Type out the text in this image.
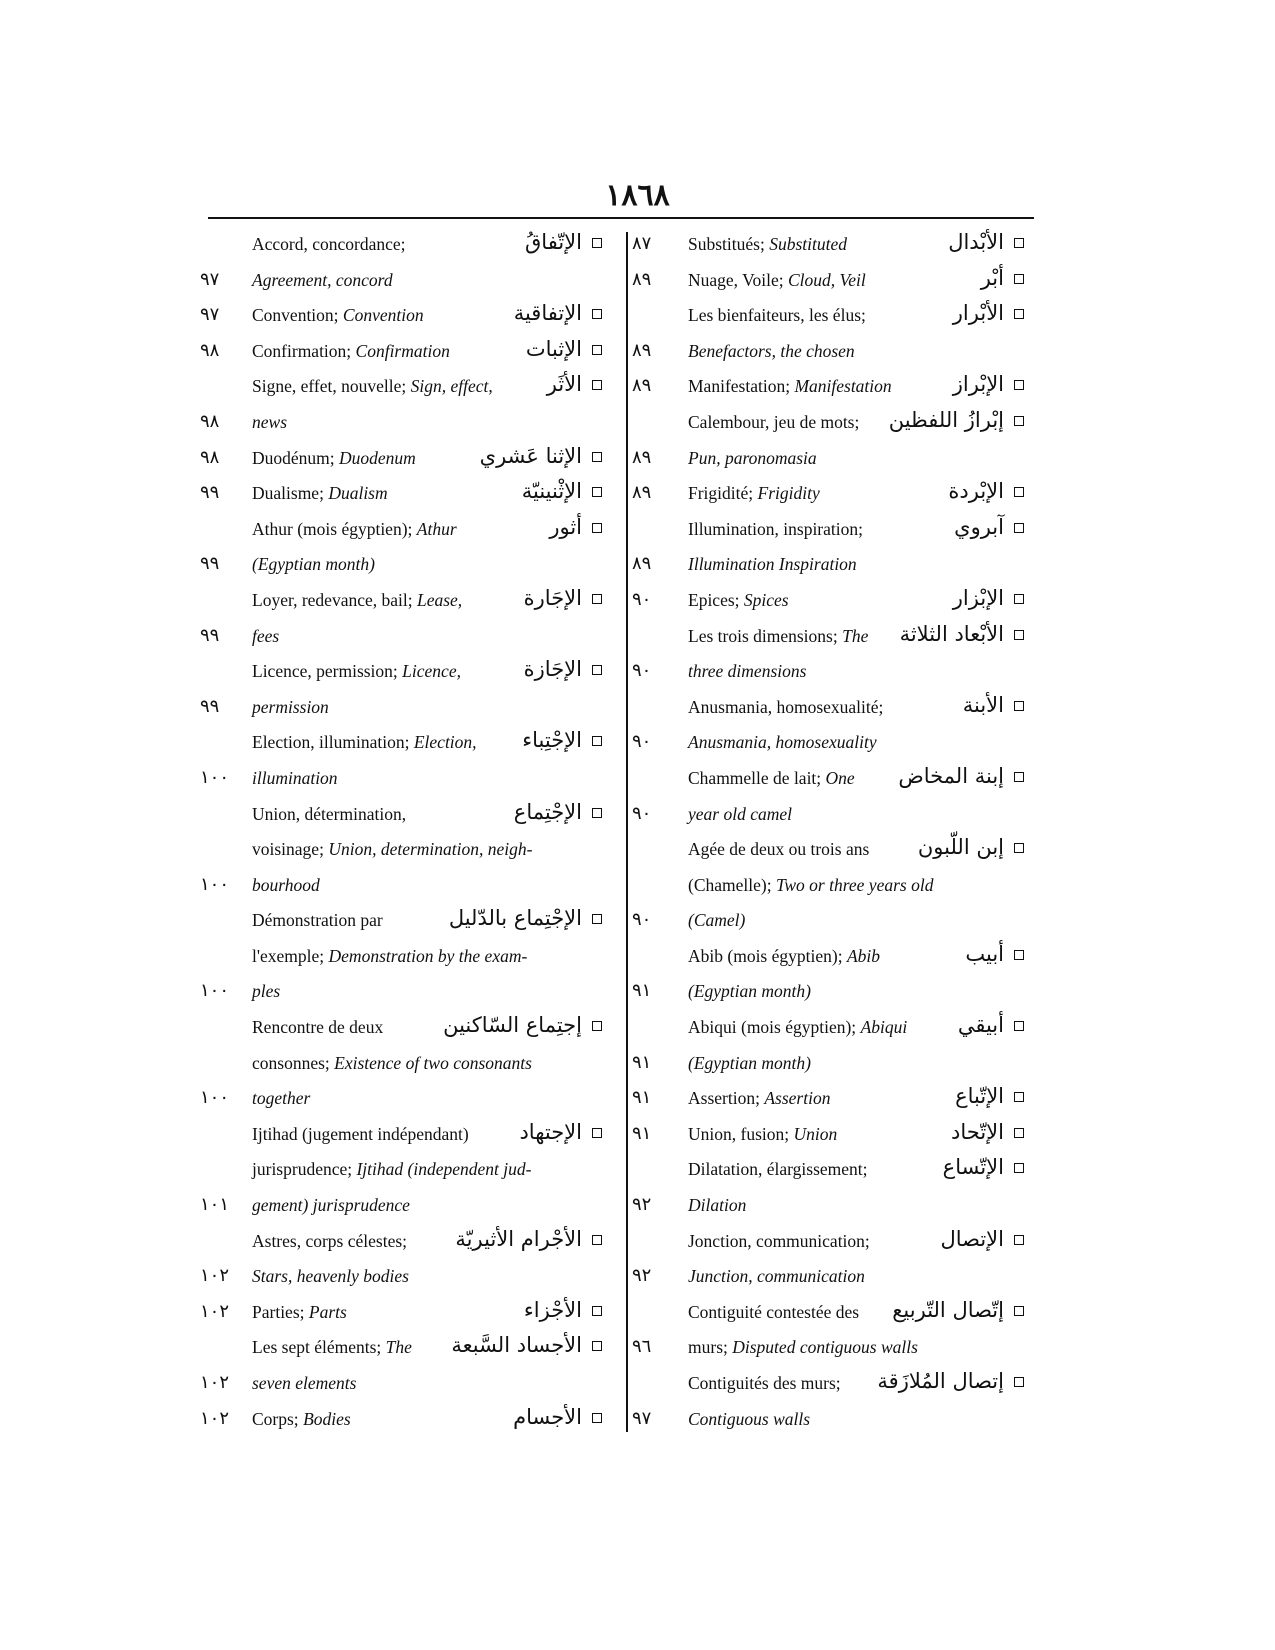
١٨٦٨
Accord, concordance;	الإتّفاقُ
٩٧	Agreement, concord
٩٧	Convention; Convention	الإتفاقية
٩٨	Confirmation; Confirmation	الإثبات
Signe, effet, nouvelle; Sign, effect,	الأثَر
٩٨	news
٩٨	Duodénum; Duodenum	الإثنا عَشري
٩٩	Dualisme; Dualism	الإثْنينيّة
Athur (mois égyptien); Athur	أثور
٩٩	(Egyptian month)
Loyer, redevance, bail; Lease,	الإجَارة
٩٩	fees
Licence, permission; Licence,	الإجَازة
٩٩	permission
Election, illumination; Election, الإجْتِباء
١٠٠	illumination
Union, détermination,	الإجْتِماع
voisinage; Union, determination, neigh-
١٠٠	bourhood
Démonstration par	الإجْتِماع بالدّليل
l'exemple; Demonstration by the exam-
١٠٠	ples
Rencontre de deux	إجتِماع السّاكنين
consonnes; Existence of two consonants
١٠٠	together
Ijtihad (jugement indépendant) الإجتهاد
jurisprudence; Ijtihad (independent jud-
١٠١	gement) jurisprudence
Astres, corps célestes; الأجْرام الأثيريّة
١٠٢	Stars, heavenly bodies
١٠٢	Parties; Parts	الأجْزاء
Les sept éléments; The الأجساد السَّبعة
١٠٢	seven elements
١٠٢	Corps; Bodies	الأجسام
٨٧	Substitués; Substituted	الأبْدال
٨٩	Nuage, Voile; Cloud, Veil	أبْر
Les bienfaiteurs, les élus;	الأبْرار
٨٩	Benefactors, the chosen
٨٩	Manifestation; Manifestation	الإبْراز
Calembour, jeu de mots; إبْرازُ اللفظين
٨٩	Pun, paronomasia
٨٩	Frigidité; Frigidity	الإبْردة
Illumination, inspiration;	آبروي
٨٩	Illumination Inspiration
٩٠	Epices; Spices	الإبْزار
Les trois dimensions; The الأبْعاد الثلاثة
٩٠	three dimensions
Anusmania, homosexualité;	الأبنة
٩٠	Anusmania, homosexuality
Chammelle de lait; One إبنة المخاض
٩٠	year old camel
Agée de deux ou trois ans إبن اللّبون
(Chamelle); Two or three years old
٩٠	(Camel)
Abib (mois égyptien); Abib	أبيب
٩١	(Egyptian month)
Abiqui (mois égyptien); Abiqui أبيقي
٩١	(Egyptian month)
٩١	Assertion; Assertion	الإتّباع
٩١	Union, fusion; Union	الإتّحاد
Dilatation, élargissement;	الإتّساع
٩٢	Dilation
Jonction, communication;	الإتصال
٩٢	Junction, communication
Contiguité contestée des إتّصال التّربيع
٩٦	murs; Disputed contiguous walls
Contiguités des murs; إتصال المُلازَقة
٩٧	Contiguous walls
